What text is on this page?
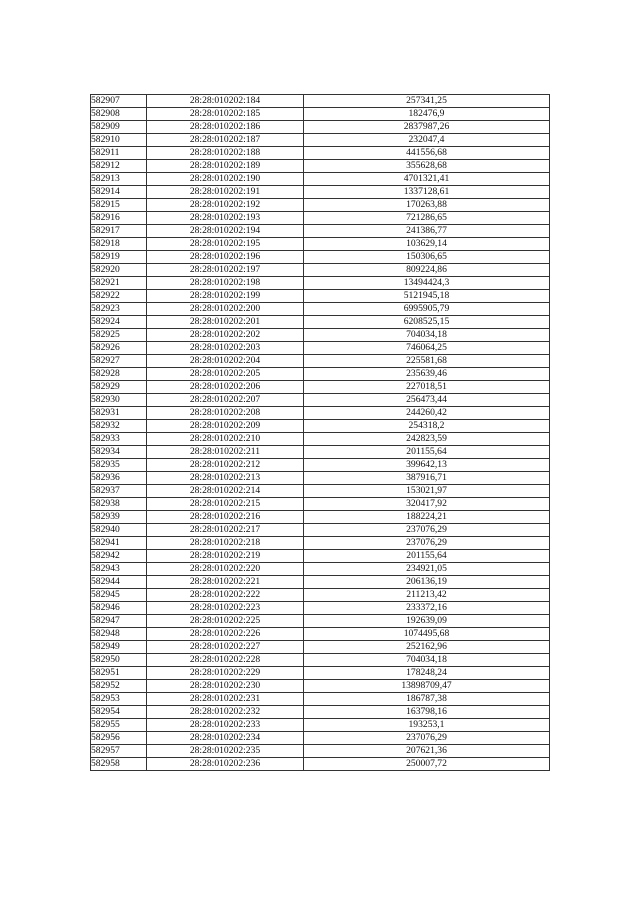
582907	28:28:010202:184	257341,25
582908	28:28:010202:185	182476,9
582909	28:28:010202:186	2837987,26
582910	28:28:010202:187	232047,4
582911	28:28:010202:188	441556,68
582912	28:28:010202:189	355628,68
582913	28:28:010202:190	4701321,41
582914	28:28:010202:191	1337128,61
582915	28:28:010202:192	170263,88
582916	28:28:010202:193	721286,65
582917	28:28:010202:194	241386,77
582918	28:28:010202:195	103629,14
582919	28:28:010202:196	150306,65
582920	28:28:010202:197	809224,86
582921	28:28:010202:198	13494424,3
582922	28:28:010202:199	5121945,18
582923	28:28:010202:200	6995905,79
582924	28:28:010202:201	6208525,15
582925	28:28:010202:202	704034,18
582926	28:28:010202:203	746064,25
582927	28:28:010202:204	225581,68
582928	28:28:010202:205	235639,46
582929	28:28:010202:206	227018,51
582930	28:28:010202:207	256473,44
582931	28:28:010202:208	244260,42
582932	28:28:010202:209	254318,2
582933	28:28:010202:210	242823,59
582934	28:28:010202:211	201155,64
582935	28:28:010202:212	399642,13
582936	28:28:010202:213	387916,71
582937	28:28:010202:214	153021,97
582938	28:28:010202:215	320417,92
582939	28:28:010202:216	188224,21
582940	28:28:010202:217	237076,29
582941	28:28:010202:218	237076,29
582942	28:28:010202:219	201155,64
582943	28:28:010202:220	234921,05
582944	28:28:010202:221	206136,19
582945	28:28:010202:222	211213,42
582946	28:28:010202:223	233372,16
582947	28:28:010202:225	192639,09
582948	28:28:010202:226	1074495,68
582949	28:28:010202:227	252162,96
582950	28:28:010202:228	704034,18
582951	28:28:010202:229	178248,24
582952	28:28:010202:230	13898709,47
582953	28:28:010202:231	186787,38
582954	28:28:010202:232	163798,16
582955	28:28:010202:233	193253,1
582956	28:28:010202:234	237076,29
582957	28:28:010202:235	207621,36
582958	28:28:010202:236	250007,72
